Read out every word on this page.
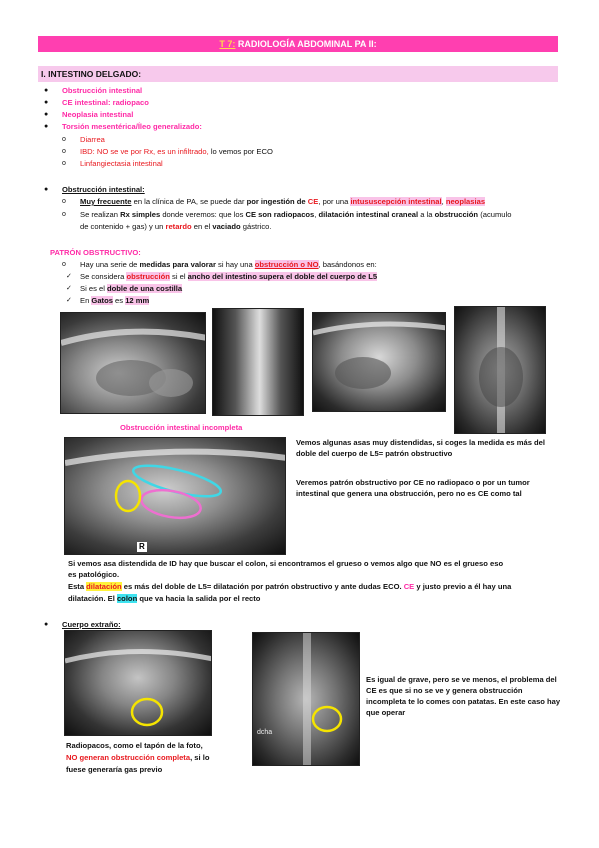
T 7: RADIOLOGÍA ABDOMINAL PA II:
I. INTESTINO DELGADO:
● Obstrucción intestinal
● CE intestinal: radiopaco
● Neoplasia intestinal
● Torsión mesentérica/Íleo generalizado:
o Diarrea
o IBD: NO se ve por Rx, es un infiltrado, lo vemos por ECO
o Linfangiectasia intestinal
● Obstrucción intestinal:
o Muy frecuente en la clínica de PA, se puede dar por ingestión de CE, por una intususcepción intestinal, neoplasias
o Se realizan Rx simples donde veremos: que los CE son radiopacos, dilatación intestinal craneal a la obstrucción (acumulo
de contenido + gas) y un retardo en el vaciado gástrico.
PATRÓN OBSTRUCTIVO:
o Hay una serie de medidas para valorar si hay una obstrucción o NO, basándonos en:
✓ Se considera obstrucción si el ancho del intestino supera el doble del cuerpo de L5
✓ Si es el doble de una costilla
✓ En Gatos es 12 mm
Obstrucción intestinal incompleta
R
Vemos algunas asas muy distendidas, si coges la medida es más del doble del cuerpo de L5= patrón obstructivo
Veremos patrón obstructivo por CE no radiopaco o por un tumor intestinal que genera una obstrucción, pero no es CE como tal
Si vemos asa distendida de ID hay que buscar el colon, si encontramos el grueso o vemos algo que NO es el grueso eso
es patológico.
Esta dilatación es más del doble de L5= dilatación por patrón obstructivo y ante dudas ECO. CE y justo previo a él hay una
dilatación. El colon que va hacia la salida por el recto
● Cuerpo extraño:
dcha
Es igual de grave, pero se ve menos, el problema del CE es que si no se ve y genera obstrucción incompleta te lo comes con patatas. En este caso hay que operar
Radiopacos, como el tapón de la foto,
NO generan obstrucción completa, si lo
fuese generaría gas previo
